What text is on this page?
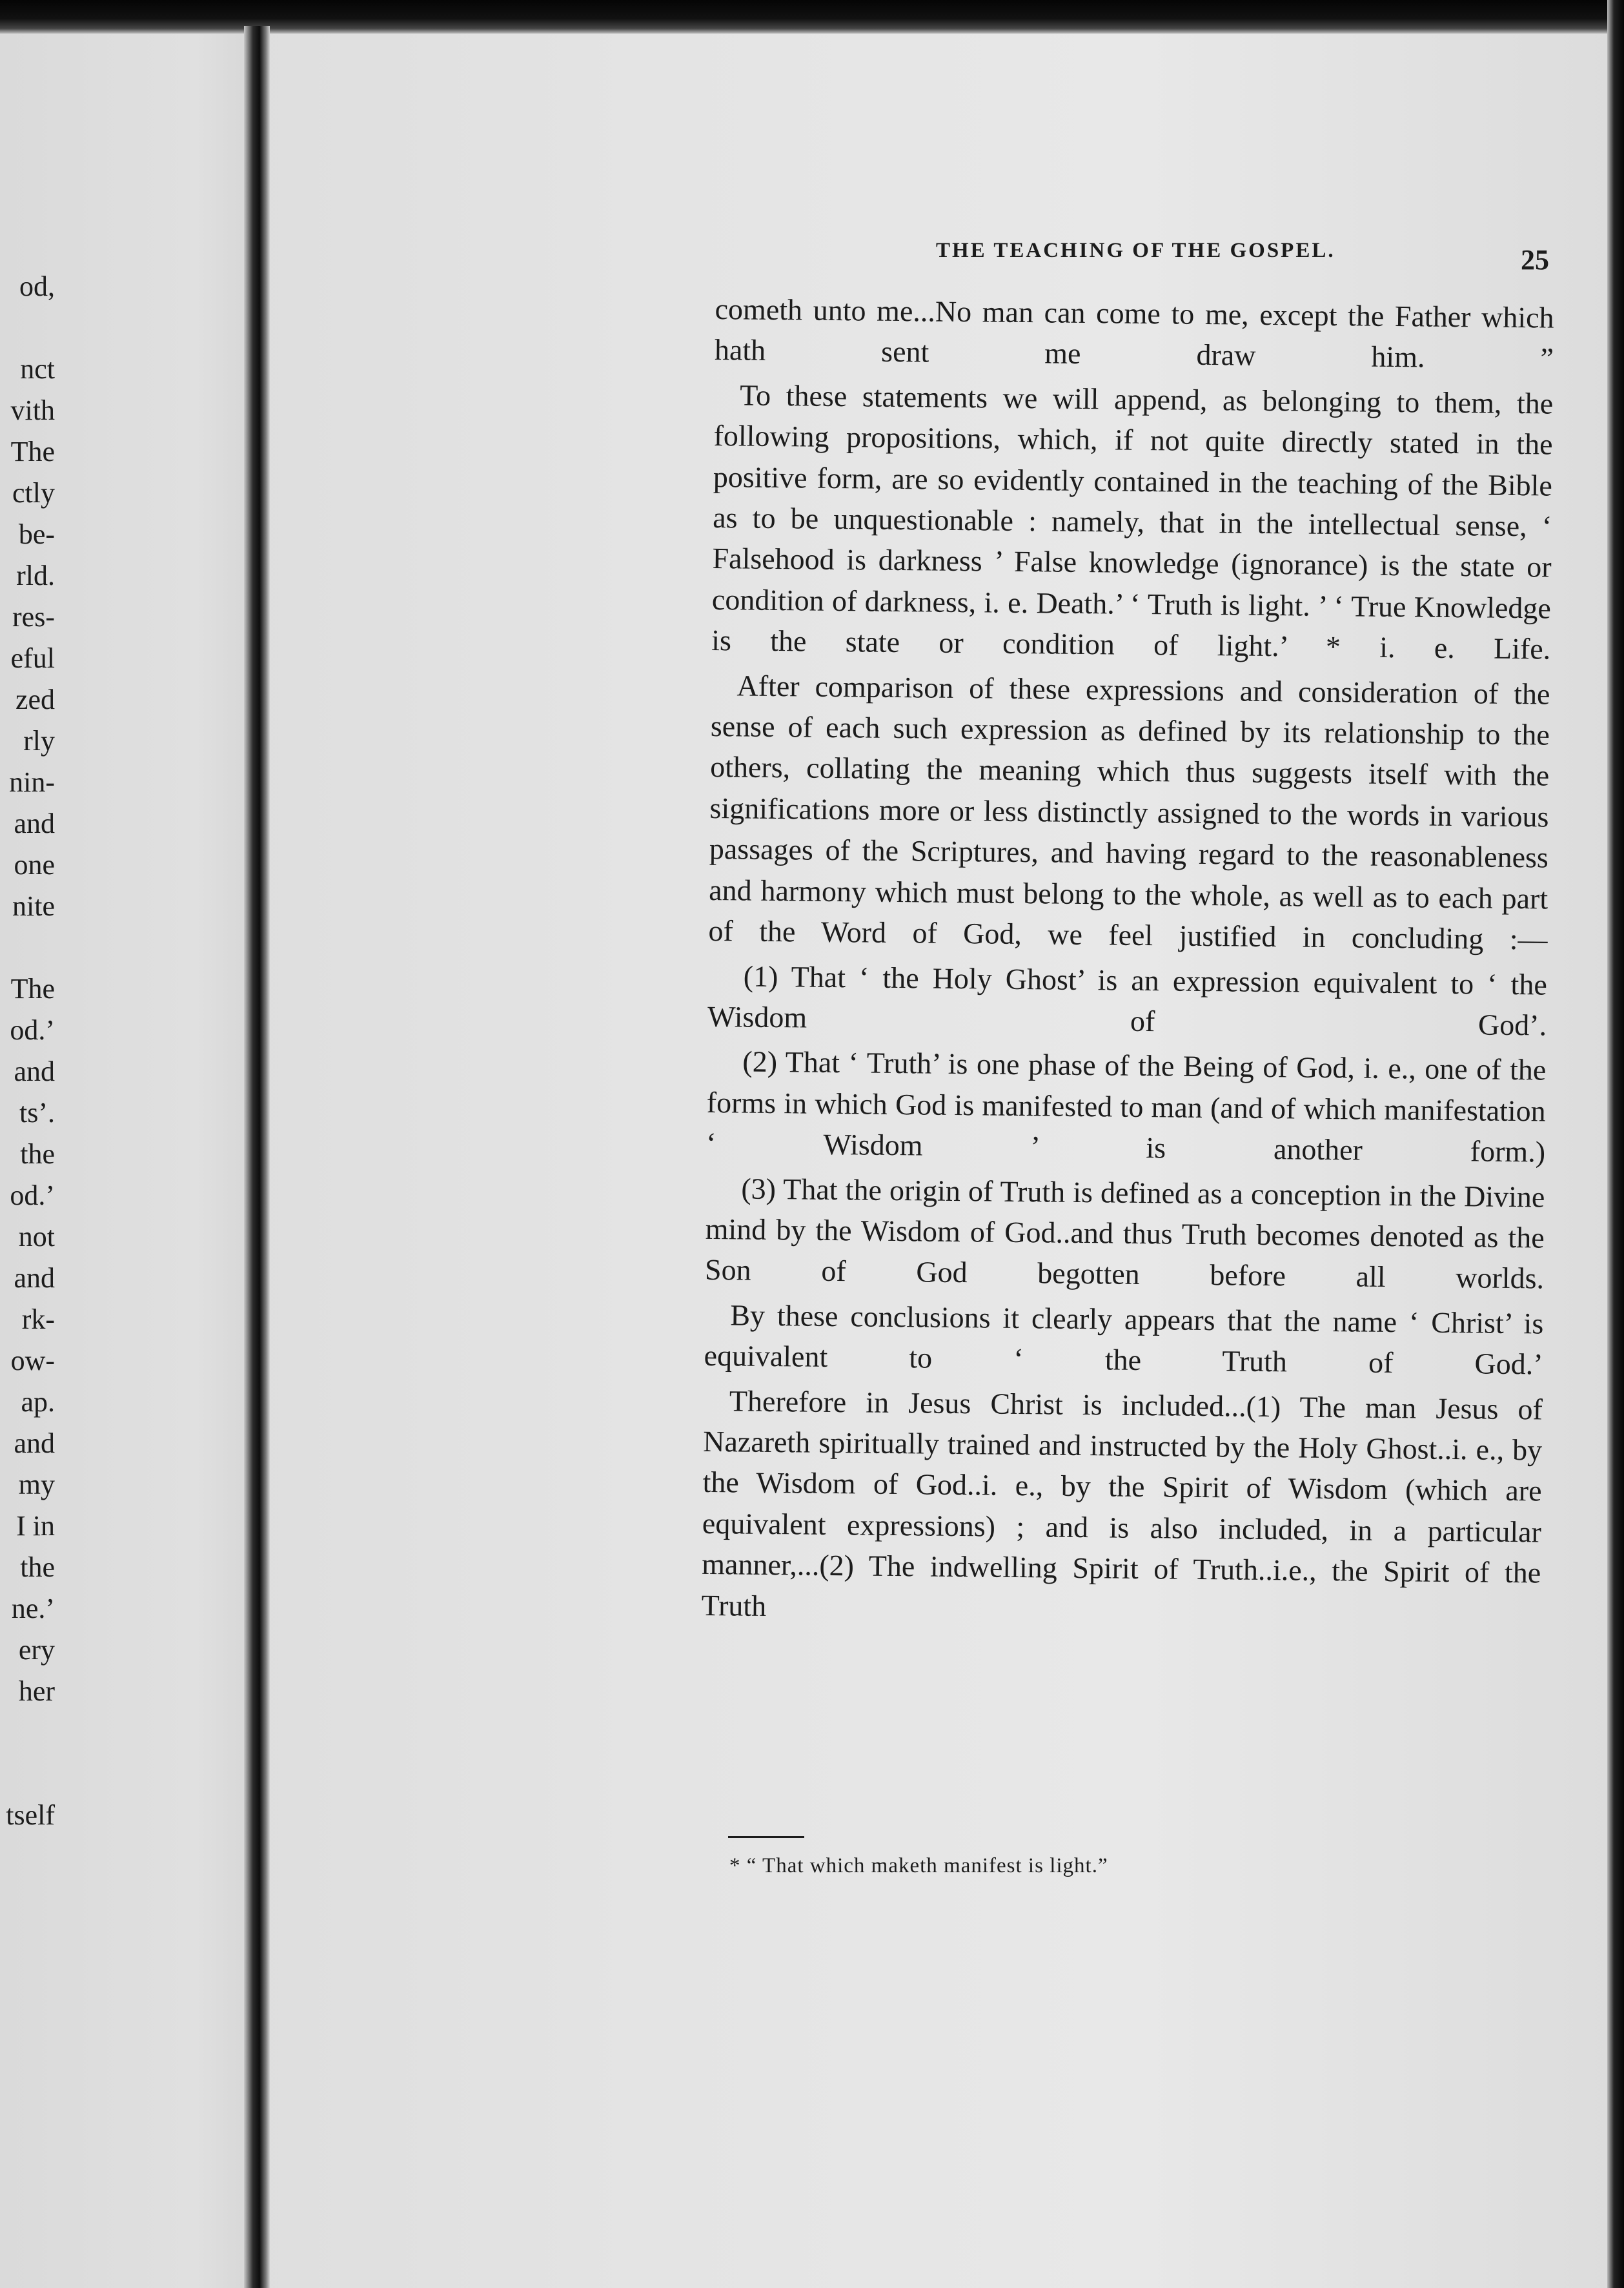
od,
nct
vith
The
ctly
be-
rld.
res-
eful
zed
rly
nin-
and
one
nite
The
od.’
and
ts’.
the
od.’
not
and
rk-
ow-
ap.
and
my
I in
the
ne.’
ery
her
tself
THE TEACHING OF THE GOSPEL.	25

cometh unto me...No man can come to me, except the Father which hath sent me draw him. ”

To these statements we will append, as belonging to them, the following propositions, which, if not quite directly stated in the positive form, are so evidently contained in the teaching of the Bible as to be unquestionable : namely, that in the intellectual sense, ‘ Falsehood is darkness ’ False knowledge (ignorance) is the state or condition of darkness, i. e. Death.’ ‘ Truth is light. ’ ‘ True Knowledge is the state or condition of light.’ * i. e. Life.

After comparison of these expressions and consideration of the sense of each such expression as defined by its relationship to the others, collating the meaning which thus suggests itself with the significations more or less distinctly assigned to the words in various passages of the Scriptures, and having regard to the reasonableness and harmony which must belong to the whole, as well as to each part of the Word of God, we feel justified in concluding :—

(1) That ‘ the Holy Ghost’ is an expression equivalent to ‘ the Wisdom of God’.

(2) That ‘ Truth’ is one phase of the Being of God, i. e., one of the forms in which God is manifested to man (and of which manifestation ‘ Wisdom ’ is another form.)

(3) That the origin of Truth is defined as a conception in the Divine mind by the Wisdom of God..and thus Truth becomes denoted as the Son of God begotten before all worlds.

By these conclusions it clearly appears that the name ‘ Christ’ is equivalent to ‘ the Truth of God.’

Therefore in Jesus Christ is included...(1) The man Jesus of Nazareth spiritually trained and instructed by the Holy Ghost..i. e., by the Wisdom of God..i. e., by the Spirit of Wisdom (which are equivalent expressions) ; and is also included, in a particular manner,...(2) The indwelling Spirit of Truth..i.e., the Spirit of the Truth

* “ That which maketh manifest is light.”
